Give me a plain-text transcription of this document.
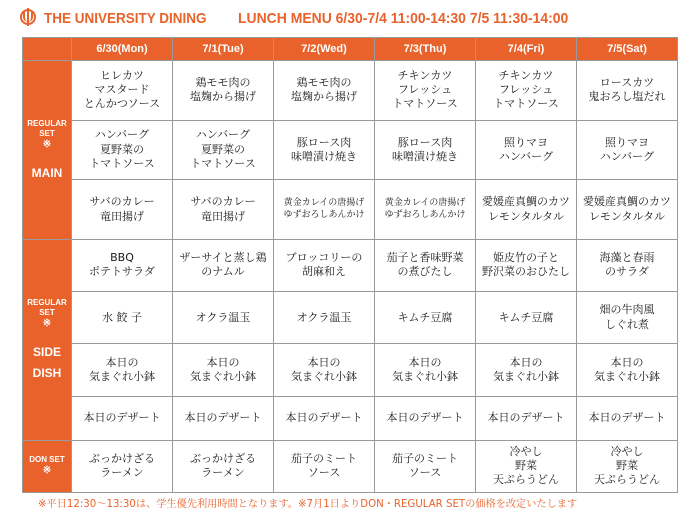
THE UNIVERSITY DINING LUNCH MENU 6/30-7/4 11:00-14:30 7/5 11:30-14:00
	6/30(Mon)	7/1(Tue)	7/2(Wed)	7/3(Thu)	7/4(Fri)	7/5(Sat)

REGULAR
SET
※
MAIN	ヒレカツ
マスタード
とんかつソース	鶏モモ肉の
塩麹から揚げ	鶏モモ肉の
塩麹から揚げ	チキンカツ
フレッシュ
トマトソース	チキンカツ
フレッシュ
トマトソース	ロースカツ
鬼おろし塩だれ

	ハンバーグ
夏野菜の
トマトソース	ハンバーグ
夏野菜の
トマトソース	豚ロース肉
味噌漬け焼き	豚ロース肉
味噌漬け焼き	照りマヨ
ハンバーグ	照りマヨ
ハンバーグ

	サバのカレー
竜田揚げ	サバのカレー
竜田揚げ	黄金カレイの唐揚げ
ゆずおろしあんかけ	黄金カレイの唐揚げ
ゆずおろしあんかけ	愛媛産真鯛のカツ
レモンタルタル	愛媛産真鯛のカツ
レモンタルタル

REGULAR
SET
※
SIDE
DISH	BBQ
ポテトサラダ	ザーサイと蒸し鶏
のナムル	ブロッコリーの
胡麻和え	茄子と香味野菜
の煮びたし	姫皮竹の子と
野沢菜のおひたし	海藻と春雨
のサラダ

	水 餃 子	オクラ温玉	オクラ温玉	キムチ豆腐	キムチ豆腐	畑の牛肉風
しぐれ煮

	本日の
気まぐれ小鉢	本日の
気まぐれ小鉢	本日の
気まぐれ小鉢	本日の
気まぐれ小鉢	本日の
気まぐれ小鉢	本日の
気まぐれ小鉢

	本日のデザート	本日のデザート	本日のデザート	本日のデザート	本日のデザート	本日のデザート

DON SET
※	ぶっかけざる
ラーメン	ぶっかけざる
ラーメン	茄子のミート
ソース	茄子のミート
ソース	冷やし
野菜
天ぷらうどん	冷やし
野菜
天ぷらうどん
※平日12:30〜13:30は、学生優先利用時間となります。※7月1日よりDON・REGULAR SETの価格を改定いたします
